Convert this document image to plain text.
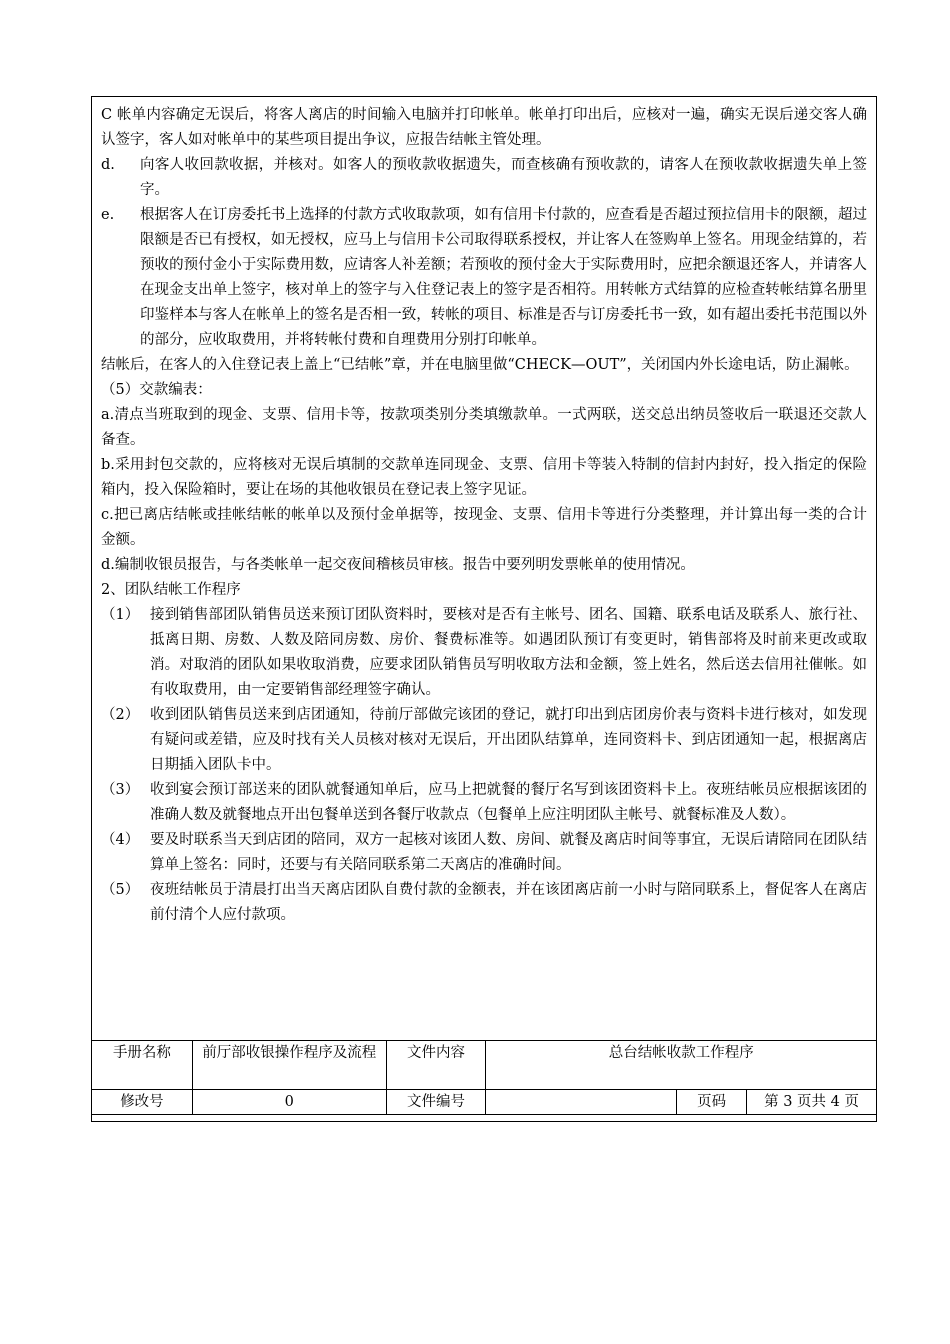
C 帐单内容确定无误后，将客人离店的时间输入电脑并打印帐单。帐单打印出后，应核对一遍，确实无误后递交客人确认签字，客人如对帐单中的某些项目提出争议，应报告结帐主管处理。

d.	向客人收回款收据，并核对。如客人的预收款收据遗失，而查核确有预收款的，请客人在预收款收据遗失单上签字。
e.	根据客人在订房委托书上选择的付款方式收取款项，如有信用卡付款的，应查看是否超过预拉信用卡的限额，超过限额是否已有授权，如无授权，应马上与信用卡公司取得联系授权，并让客人在签购单上签名。用现金结算的，若预收的预付金小于实际费用数，应请客人补差额；若预收的预付金大于实际费用时，应把余额退还客人，并请客人在现金支出单上签字，核对单上的签字与入住登记表上的签字是否相符。用转帐方式结算的应检查转帐结算名册里印鉴样本与客人在帐单上的签名是否相一致，转帐的项目、标准是否与订房委托书一致，如有超出委托书范围以外的部分，应收取费用，并将转帐付费和自理费用分别打印帐单。

结帐后，在客人的入住登记表上盖上“已结帐”章，并在电脑里做“CHECK—OUT”，关闭国内外长途电话，防止漏帐。

（5）交款编表：

a.清点当班取到的现金、支票、信用卡等，按款项类别分类填缴款单。一式两联，送交总出纳员签收后一联退还交款人备查。

b.采用封包交款的，应将核对无误后填制的交款单连同现金、支票、信用卡等装入特制的信封内封好，投入指定的保险箱内，投入保险箱时，要让在场的其他收银员在登记表上签字见证。

c.把已离店结帐或挂帐结帐的帐单以及预付金单据等，按现金、支票、信用卡等进行分类整理，并计算出每一类的合计金额。

d.编制收银员报告，与各类帐单一起交夜间稽核员审核。报告中要列明发票帐单的使用情况。

2、团队结帐工作程序

（1） 接到销售部团队销售员送来预订团队资料时，要核对是否有主帐号、团名、国籍、联系电话及联系人、旅行社、抵离日期、房数、人数及陪同房数、房价、餐费标准等。如遇团队预订有变更时，销售部将及时前来更改或取消。对取消的团队如果收取消费，应要求团队销售员写明收取方法和金额，签上姓名，然后送去信用社催帐。如有收取费用，由一定要销售部经理签字确认。
（2） 收到团队销售员送来到店团通知，待前厅部做完该团的登记，就打印出到店团房价表与资料卡进行核对，如发现有疑问或差错，应及时找有关人员核对核对无误后，开出团队结算单，连同资料卡、到店团通知一起，根据离店日期插入团队卡中。
（3） 收到宴会预订部送来的团队就餐通知单后，应马上把就餐的餐厅名写到该团资料卡上。夜班结帐员应根据该团的准确人数及就餐地点开出包餐单送到各餐厅收款点（包餐单上应注明团队主帐号、就餐标准及人数）。
（4） 要及时联系当天到店团的陪同，双方一起核对该团人数、房间、就餐及离店时间等事宜，无误后请陪同在团队结算单上签名：同时，还要与有关陪同联系第二天离店的准确时间。
（5） 夜班结帐员于清晨打出当天离店团队自费付款的金额表，并在该团离店前一小时与陪同联系上，督促客人在离店前付清个人应付款项。
手册名称	前厅部收银操作程序及流程	文件内容	总台结帐收款工作程序		
修改号	0	文件编号		页码	第 3 页共 4 页
